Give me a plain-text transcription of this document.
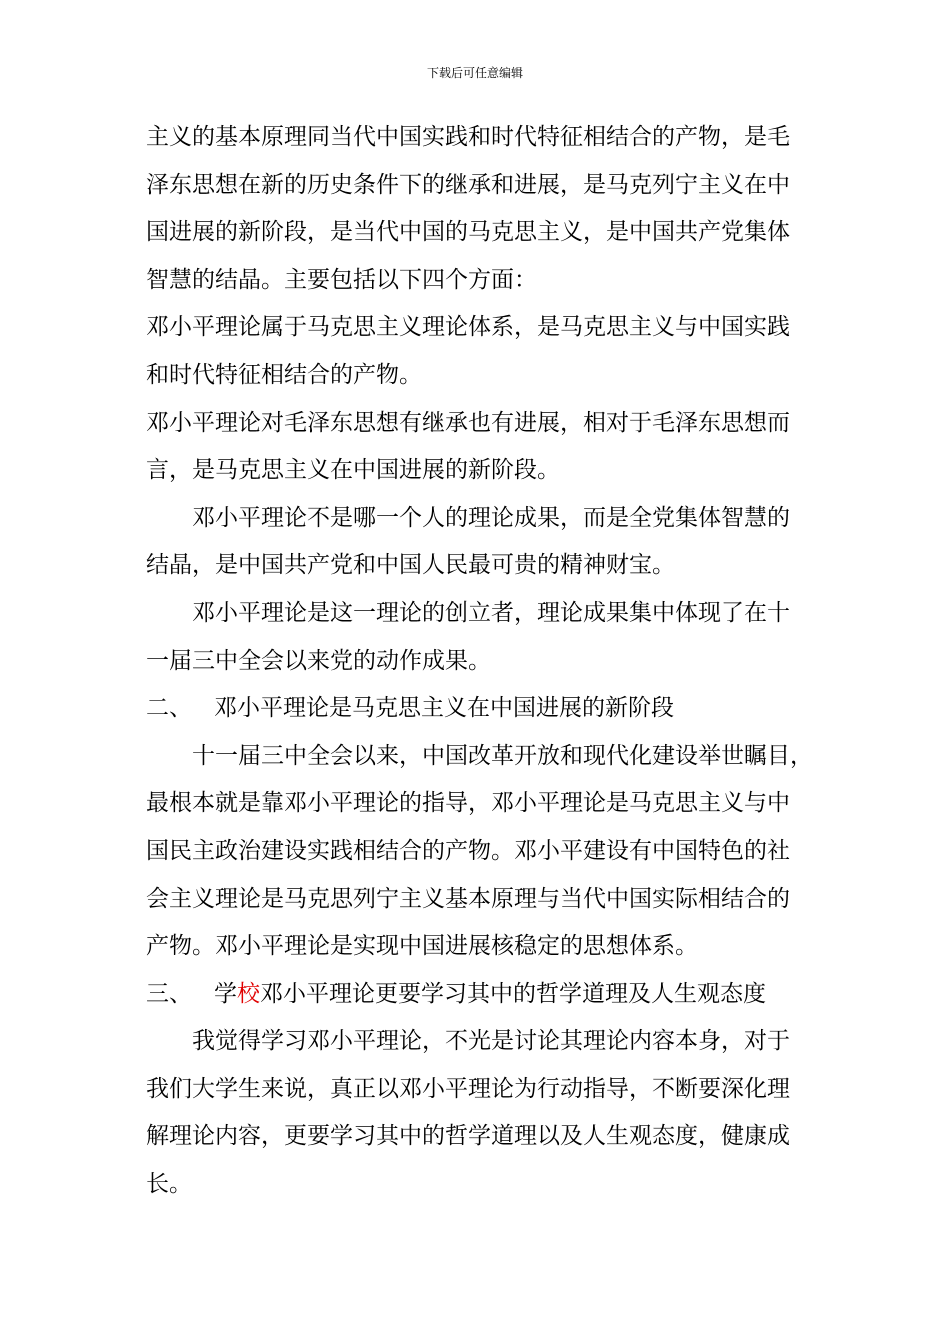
下载后可任意编辑

主义的基本原理同当代中国实践和时代特征相结合的产物，是毛

泽东思想在新的历史条件下的继承和进展，是马克列宁主义在中

国进展的新阶段，是当代中国的马克思主义，是中国共产党集体

智慧的结晶。主要包括以下四个方面：

邓小平理论属于马克思主义理论体系，是马克思主义与中国实践

和时代特征相结合的产物。

邓小平理论对毛泽东思想有继承也有进展，相对于毛泽东思想而

言，是马克思主义在中国进展的新阶段。

邓小平理论不是哪一个人的理论成果，而是全党集体智慧的

结晶，是中国共产党和中国人民最可贵的精神财宝。

邓小平理论是这一理论的创立者，理论成果集中体现了在十

一届三中全会以来党的动作成果。

二、 邓小平理论是马克思主义在中国进展的新阶段

十一届三中全会以来，中国改革开放和现代化建设举世瞩目，

最根本就是靠邓小平理论的指导，邓小平理论是马克思主义与中

国民主政治建设实践相结合的产物。邓小平建设有中国特色的社

会主义理论是马克思列宁主义基本原理与当代中国实际相结合的

产物。邓小平理论是实现中国进展核稳定的思想体系。

三、 学校邓小平理论更要学习其中的哲学道理及人生观态度

我觉得学习邓小平理论，不光是讨论其理论内容本身，对于

我们大学生来说，真正以邓小平理论为行动指导，不断要深化理

解理论内容，更要学习其中的哲学道理以及人生观态度，健康成

长。
